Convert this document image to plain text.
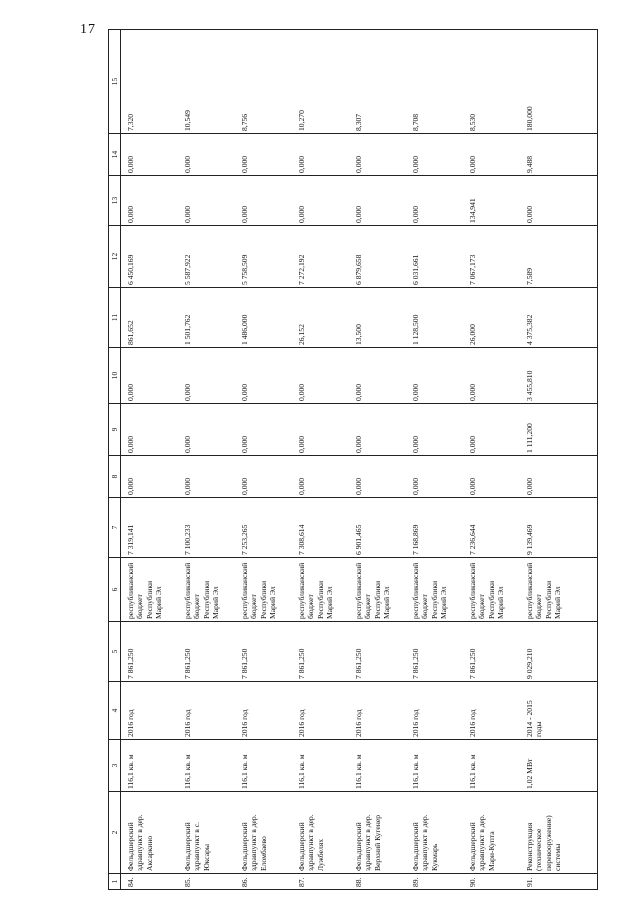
17
1	2	3	4	5	6	7	8	9	10	11	12	13	14	15
84.	Фельдшерский здравпункт в дер. Аксаркино	116,1 кв. м	2016 год	7 861,250	республиканский бюджет Республики Марий Эл	7 319,141	0,000	0,000	0,000	861,652	6 450,169	0,000	0,000	7,320
85.	Фельдшерский здравпункт в с. Юксары	116,1 кв. м	2016 год	7 861,250	республиканский бюджет Республики Марий Эл	7 100,233	0,000	0,000	0,000	1 501,762	5 587,922	0,000	0,000	10,549
86.	Фельдшерский здравпункт в дер. Еломбаево	116,1 кв. м	2016 год	7 861,250	республиканский бюджет Республики Марий Эл	7 253,265	0,000	0,000	0,000	1 486,000	5 758,509	0,000	0,000	8,756
87.	Фельдшерский здравпункт в дер. Лужбелях	116,1 кв. м	2016 год	7 861,250	республиканский бюджет Республики Марий Эл	7 308,614	0,000	0,000	0,000	26,152	7 272,192	0,000	0,000	10,270
88.	Фельдшерский здравпункт в дер. Верхний Кугенер	116,1 кв. м	2016 год	7 861,250	республиканский бюджет Республики Марий Эл	6 901,465	0,000	0,000	0,000	13,500	6 879,658	0,000	0,000	8,307
89.	Фельдшерский здравпункт в дер. Кукмарь	116,1 кв. м	2016 год	7 861,250	республиканский бюджет Республики Марий Эл	7 168,869	0,000	0,000	0,000	1 128,500	6 031,661	0,000	0,000	8,708
90.	Фельдшерский здравпункт в дер. Мари-Купта	116,1 кв. м	2016 год	7 861,250	республиканский бюджет Республики Марий Эл	7 236,644	0,000	0,000	0,000	26,000	7 067,173	134,941	0,000	8,530
91.	Реконструкция (техническое перевооружение) системы	1,02 МВт	2014 - 2015 годы	9 029,210	республиканский бюджет Республики Марий Эл	9 139,469	0,000	1 111,200	3 455,810	4 375,382	7,589	0,000	9,488	180,000
